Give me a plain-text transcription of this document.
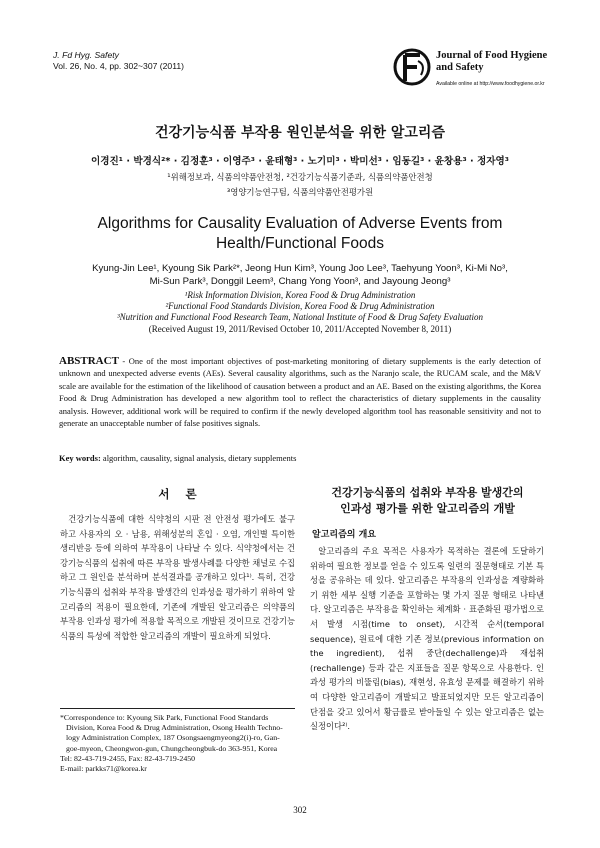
J. Fd Hyg. Safety
Vol. 26, No. 4, pp. 302~307 (2011)
Journal of Food Hygiene
and Safety
Available online at http://www.foodhygiene.or.kr
건강기능식품 부작용 원인분석을 위한 알고리즘
이경진¹ · 박경식²* · 김정훈³ · 이영주³ · 윤태형³ · 노기미³ · 박미선³ · 임동길³ · 윤창용³ · 정자영³
¹위해정보과, 식품의약품안전청, ²건강기능식품기준과, 식품의약품안전청
³영양기능연구팀, 식품의약품안전평가원
Algorithms for Causality Evaluation of Adverse Events from
Health/Functional Foods
Kyung-Jin Lee¹, Kyoung Sik Park²*, Jeong Hun Kim³, Young Joo Lee³, Taehyung Yoon³, Ki-Mi No³,
Mi-Sun Park³, Donggil Leem³, Chang Yong Yoon³, and Jayoung Jeong³
¹Risk Information Division, Korea Food & Drug Administration
²Functional Food Standards Division, Korea Food & Drug Administration
³Nutrition and Functional Food Research Team, National Institute of Food & Drug Safety Evaluation
(Received August 19, 2011/Revised October 10, 2011/Accepted November 8, 2011)
ABSTRACT - One of the most important objectives of post-marketing monitoring of dietary supplements is the early detection of unknown and unexpected adverse events (AEs). Several causality algorithms, such as the Naranjo scale, the RUCAM scale, and the M&V scale are available for the estimation of the likelihood of causation between a product and an AE. Based on the existing algorithms, the Korea Food & Drug Administration has developed a new algorithm tool to reflect the characteristics of dietary supplements in the causality analysis. However, additional work will be required to confirm if the newly developed algorithm tool has reasonable sensitivity and not to generate an unacceptable number of false positives signals.
Key words: algorithm, causality, signal analysis, dietary supplements
서    론
건강기능식품에 대한 식약청의 시판 전 안전성 평가에도 불구하고 사용자의 오 · 남용, 위해성분의 혼입 · 오염, 개인별 특이한 생리반응 등에 의하여 부작용이 나타날 수 있다. 식약청에서는 건강기능식품의 섭취에 따른 부작용 발생사례를 다양한 채널로 수집하고 그 원인을 분석하며 분석결과를 공개하고 있다¹⁾. 특히, 건강기능식품의 섭취와 부작용 발생간의 인과성을 평가하기 위하여 알고리즘의 적용이 필요한데, 기존에 개발된 알고리즘은 의약품의 부작용 인과성 평가에 적용할 목적으로 개발된 것이므로 건강기능식품의 특성에 적합한 알고리즘의 개발이 필요하게 되었다.
*Correspondence to: Kyoung Sik Park, Functional Food Standards
Division, Korea Food & Drug Administration, Osong Health Techno-
logy Administration Complex, 187 Osongsaengmyeong2(i)-ro, Gan-
goe-myeon, Cheongwon-gun, Chungcheongbuk-do 363-951, Korea
Tel: 82-43-719-2455, Fax: 82-43-719-2450
E-mail: parkks71@korea.kr
건강기능식품의 섭취와 부작용 발생간의
인과성 평가를 위한 알고리즘의 개발
알고리즘의 개요
알고리즘의 주요 목적은 사용자가 목적하는 결론에 도달하기 위하여 필요한 정보를 얻을 수 있도록 일련의 질문형태로 기본 특성을 공유하는 데 있다. 알고리즘은 부작용의 인과성을 계량화하기 위한 세부 실행 기준을 포함하는 몇 가지 질문 형태로 나타낸다. 알고리즘은 부작용을 확인하는 체계화 · 표준화된 평가법으로서 발생 시점(time to onset), 시간적 순서(temporal sequence), 원료에 대한 기존 정보(previous information on the ingredient), 섭취 중단(dechallenge)과 재섭취(rechallenge) 등과 같은 지표들을 질문 항목으로 사용한다. 인과성 평가의 비뚤림(bias), 재현성, 유효성 문제를 해결하기 위하여 다양한 알고리즘이 개발되고 발표되었지만 모든 알고리즘이 단점을 갖고 있어서 황금률로 받아들일 수 있는 알고리즘은 없는 실정이다²⁾.
302
